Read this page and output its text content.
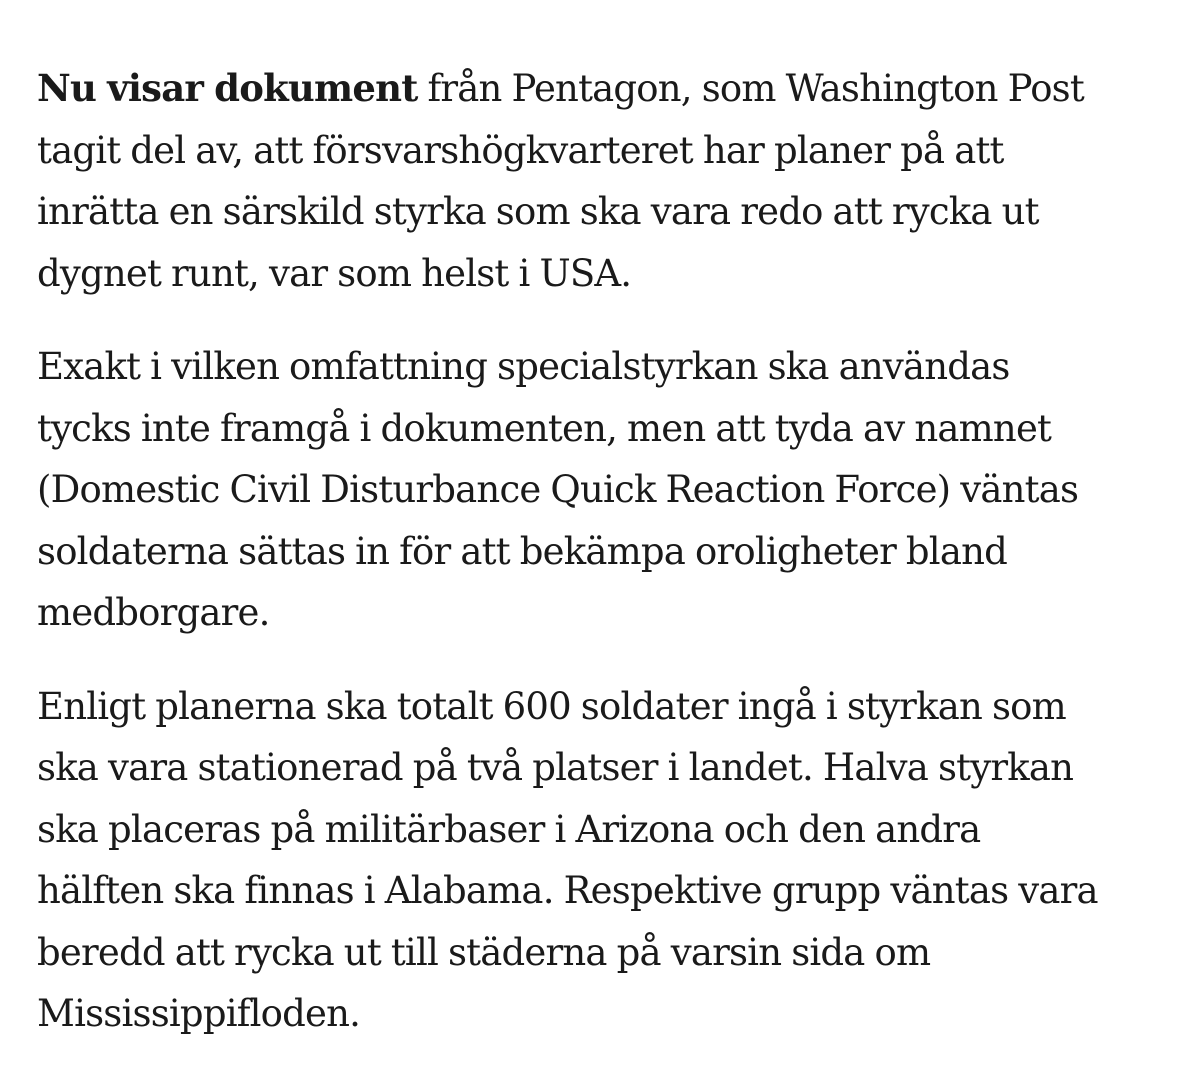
Nu visar dokument från Pentagon, som Washington Post
tagit del av, att försvarshögkvarteret har planer på att
inrätta en särskild styrka som ska vara redo att rycka ut
dygnet runt, var som helst i USA.

Exakt i vilken omfattning specialstyrkan ska användas
tycks inte framgå i dokumenten, men att tyda av namnet
(Domestic Civil Disturbance Quick Reaction Force) väntas
soldaterna sättas in för att bekämpa oroligheter bland
medborgare.

Enligt planerna ska totalt 600 soldater ingå i styrkan som
ska vara stationerad på två platser i landet. Halva styrkan
ska placeras på militärbaser i Arizona och den andra
hälften ska finnas i Alabama. Respektive grupp väntas vara
beredd att rycka ut till städerna på varsin sida om
Mississippifloden.
